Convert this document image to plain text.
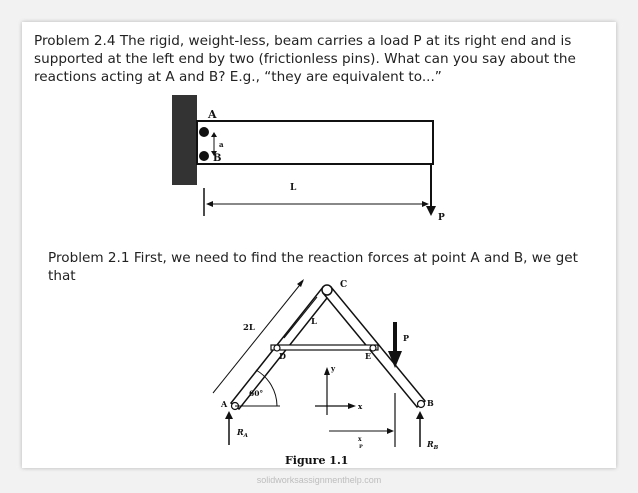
Problem 2.4 The rigid, weight-less, beam carries a load P at its right end and is supported at the left end by two (frictionless pins). What can you say about the reactions acting at A and B? E.g., “they are equivalent to...”
Problem 2.1 First, we need to find the reaction forces at point A and B, we get that
A
a
B
L
P
2L
L
C
D	E
A	B
60°
P
y
x
$R_A$
$R_B$
x
P
Figure 1.1
solidworksassignmenthelp.com
